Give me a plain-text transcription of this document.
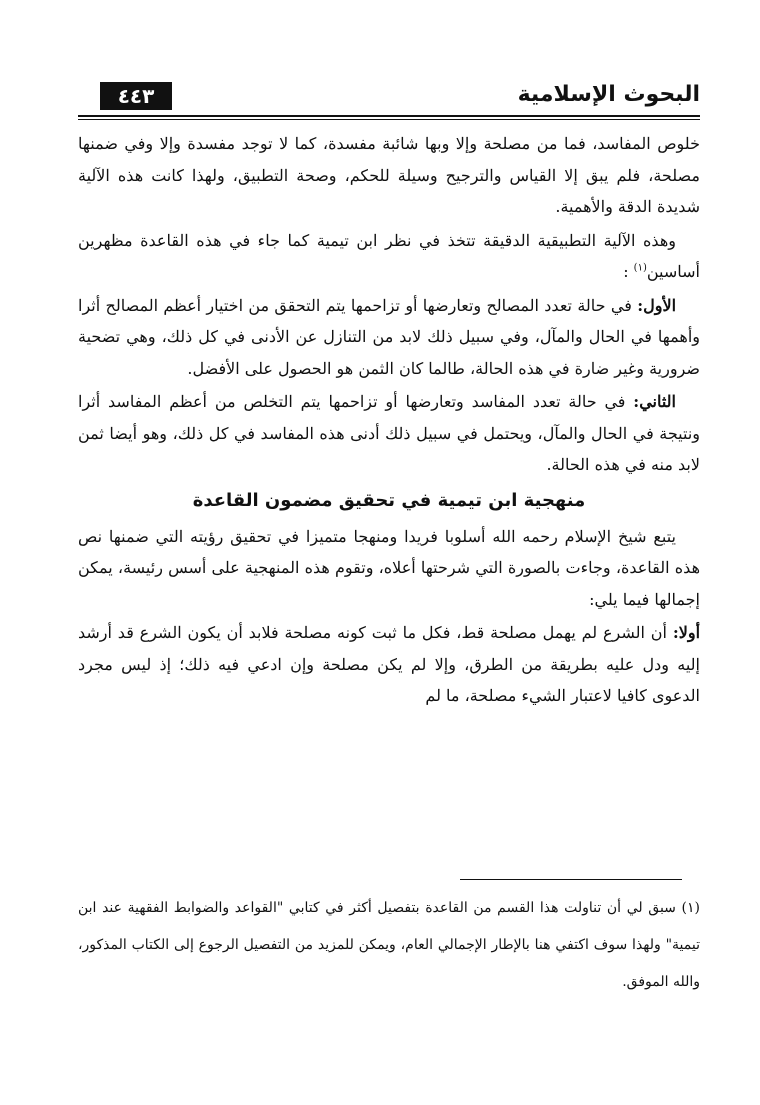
البحوث الإسلامية
٤٤٣

خلوص المفاسد، فما من مصلحة وإلا وبها شائبة مفسدة، كما لا توجد مفسدة وإلا وفي ضمنها مصلحة، فلم يبق إلا القياس والترجيح وسيلة للحكم، وصحة التطبيق، ولهذا كانت هذه الآلية شديدة الدقة والأهمية.

وهذه الآلية التطبيقية الدقيقة تتخذ في نظر ابن تيمية كما جاء في هذه القاعدة مظهرين أساسين$^{(١)}$ :

الأول: في حالة تعدد المصالح وتعارضها أو تزاحمها يتم التحقق من اختيار أعظم المصالح أثرا وأهمها في الحال والمآل، وفي سبيل ذلك لابد من التنازل عن الأدنى في كل ذلك، وهي تضحية ضرورية وغير ضارة في هذه الحالة، طالما كان الثمن هو الحصول على الأفضل.

الثاني: في حالة تعدد المفاسد وتعارضها أو تزاحمها يتم التخلص من أعظم المفاسد أثرا ونتيجة في الحال والمآل، ويحتمل في سبيل ذلك أدنى هذه المفاسد في كل ذلك، وهو أيضا ثمن لابد منه في هذه الحالة.

منهجية ابن تيمية في تحقيق مضمون القاعدة

يتبع شيخ الإسلام رحمه الله أسلوبا فريدا ومنهجا متميزا في تحقيق رؤيته التي ضمنها نص هذه القاعدة، وجاءت بالصورة التي شرحتها أعلاه، وتقوم هذه المنهجية على أسس رئيسة، يمكن إجمالها فيما يلي:

أولا: أن الشرع لم يهمل مصلحة قط، فكل ما ثبت كونه مصلحة فلابد أن يكون الشرع قد أرشد إليه ودل عليه بطريقة من الطرق، وإلا لم يكن مصلحة وإن ادعي فيه ذلك؛ إذ ليس مجرد الدعوى كافيا لاعتبار الشيء مصلحة، ما لم

(١) سبق لي أن تناولت هذا القسم من القاعدة بتفصيل أكثر في كتابي "القواعد والضوابط الفقهية عند ابن تيمية" ولهذا سوف اكتفي هنا بالإطار الإجمالي العام، ويمكن للمزيد من التفصيل الرجوع إلى الكتاب المذكور، والله الموفق.
